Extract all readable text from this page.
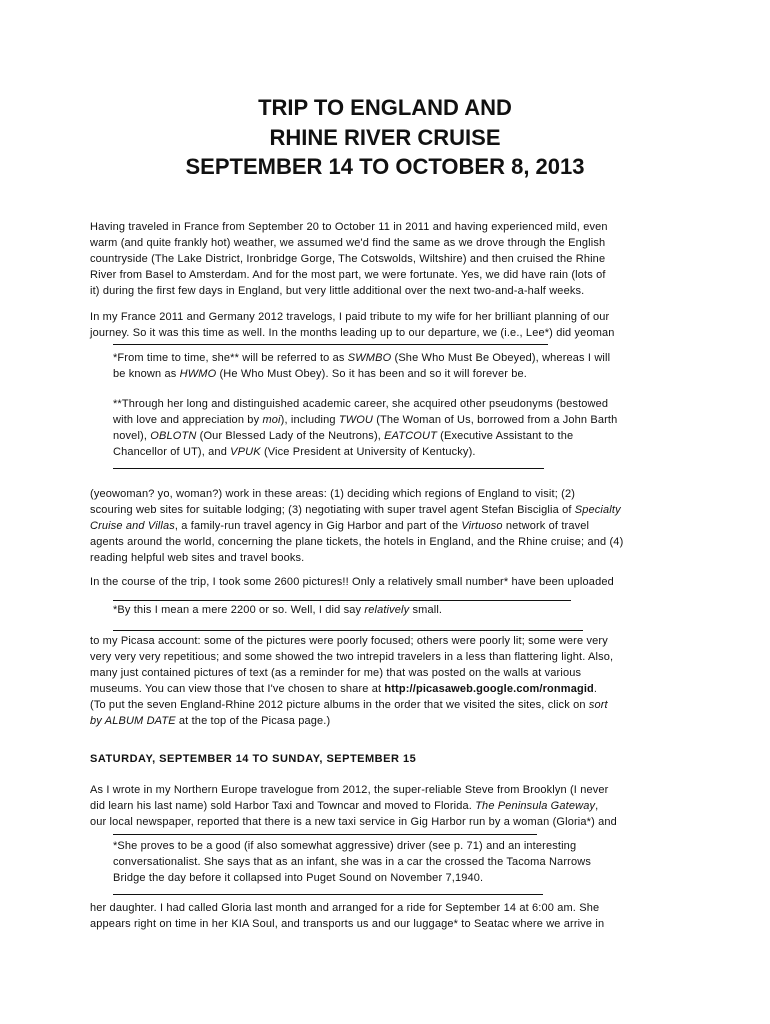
TRIP TO ENGLAND AND
RHINE RIVER CRUISE
SEPTEMBER 14 TO OCTOBER 8, 2013
Having traveled in France from September 20 to October 11 in 2011 and having experienced mild, even
warm (and quite frankly hot) weather, we assumed we'd find the same as we drove through the English
countryside (The Lake District, Ironbridge Gorge, The Cotswolds, Wiltshire) and then cruised the Rhine
River from Basel to Amsterdam. And for the most part, we were fortunate. Yes, we did have rain (lots of
it) during the first few days in England, but very little additional over the next two-and-a-half weeks.
In my France 2011 and Germany 2012 travelogs, I paid tribute to my wife for her brilliant planning of our
journey. So it was this time as well. In the months leading up to our departure, we (i.e., Lee*) did yeoman
*From time to time, she** will be referred to as SWMBO (She Who Must Be Obeyed), whereas I will
be known as HWMO (He Who Must Obey). So it has been and so it will forever be.
**Through her long and distinguished academic career, she acquired other pseudonyms (bestowed
with love and appreciation by moi), including TWOU (The Woman of Us, borrowed from a John Barth
novel), OBLOTN (Our Blessed Lady of the Neutrons), EATCOUT (Executive Assistant to the
Chancellor of UT), and VPUK (Vice President at University of Kentucky).
(yeowoman? yo, woman?) work in these areas: (1) deciding which regions of England to visit; (2)
scouring web sites for suitable lodging; (3) negotiating with super travel agent Stefan Bisciglia of Specialty
Cruise and Villas, a family-run travel agency in Gig Harbor and part of the Virtuoso network of travel
agents around the world, concerning the plane tickets, the hotels in England, and the Rhine cruise; and (4)
reading helpful web sites and travel books.
In the course of the trip, I took some 2600 pictures!! Only a relatively small number* have been uploaded
*By this I mean a mere 2200 or so. Well, I did say relatively small.
to my Picasa account: some of the pictures were poorly focused; others were poorly lit; some were very
very very very repetitious; and some showed the two intrepid travelers in a less than flattering light. Also,
many just contained pictures of text (as a reminder for me) that was posted on the walls at various
museums. You can view those that I've chosen to share at http://picasaweb.google.com/ronmagid.
(To put the seven England-Rhine 2012 picture albums in the order that we visited the sites, click on sort
by ALBUM DATE at the top of the Picasa page.)
SATURDAY, SEPTEMBER 14 TO SUNDAY, SEPTEMBER 15
As I wrote in my Northern Europe travelogue from 2012, the super-reliable Steve from Brooklyn (I never
did learn his last name) sold Harbor Taxi and Towncar and moved to Florida. The Peninsula Gateway,
our local newspaper, reported that there is a new taxi service in Gig Harbor run by a woman (Gloria*) and
*She proves to be a good (if also somewhat aggressive) driver (see p. 71) and an interesting
conversationalist. She says that as an infant, she was in a car the crossed the Tacoma Narrows
Bridge the day before it collapsed into Puget Sound on November 7,1940.
her daughter. I had called Gloria last month and arranged for a ride for September 14 at 6:00 am. She
appears right on time in her KIA Soul, and transports us and our luggage* to Seatac where we arrive in
